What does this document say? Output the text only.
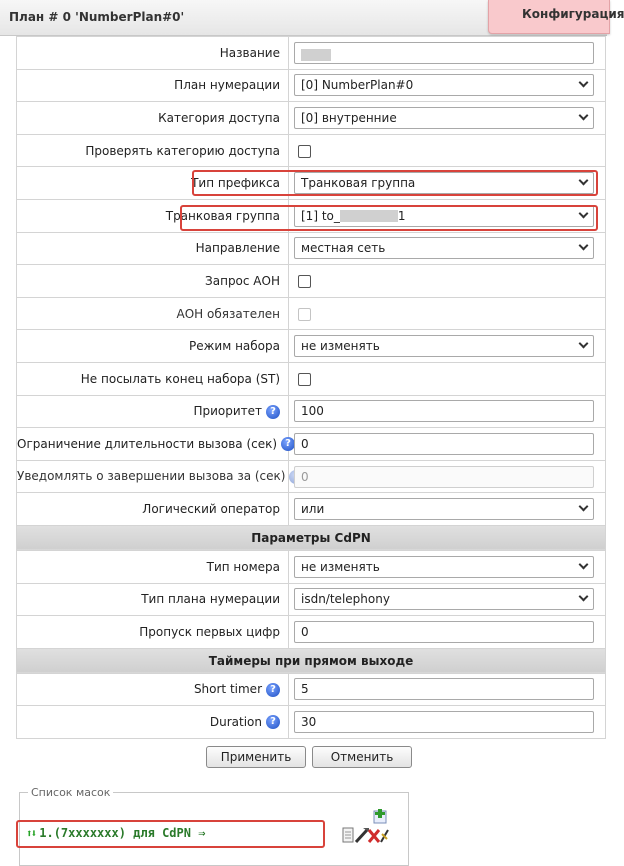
План # 0 'NumberPlan#0'	Конфигурация
Название	

План нумерации	[0] NumberPlan#0

Категория доступа	[0] внутренние

Проверять категорию доступа	
Тип префикса	Транковая группа

Транковая группа	[1] to_ 1

Направление	местная сеть

Запрос АОН	
АОН обязателен	
Режим набора	не изменять

Не посылать конец набора (ST)	
Приоритет ?	100

Ограничение длительности вызова (сек) ?	0

Уведомлять о завершении вызова за (сек)	0

Логический оператор	или

Параметры CdPN	
Тип номера	не изменять

Тип плана нумерации	isdn/telephony

Пропуск первых цифр	0

Таймеры при прямом выходе	
Short timer ?	5

Duration ?	30
Применить	Отменить
Список масок
⬆⬇ 1.(7xxxxxxx) для CdPN ⇒
